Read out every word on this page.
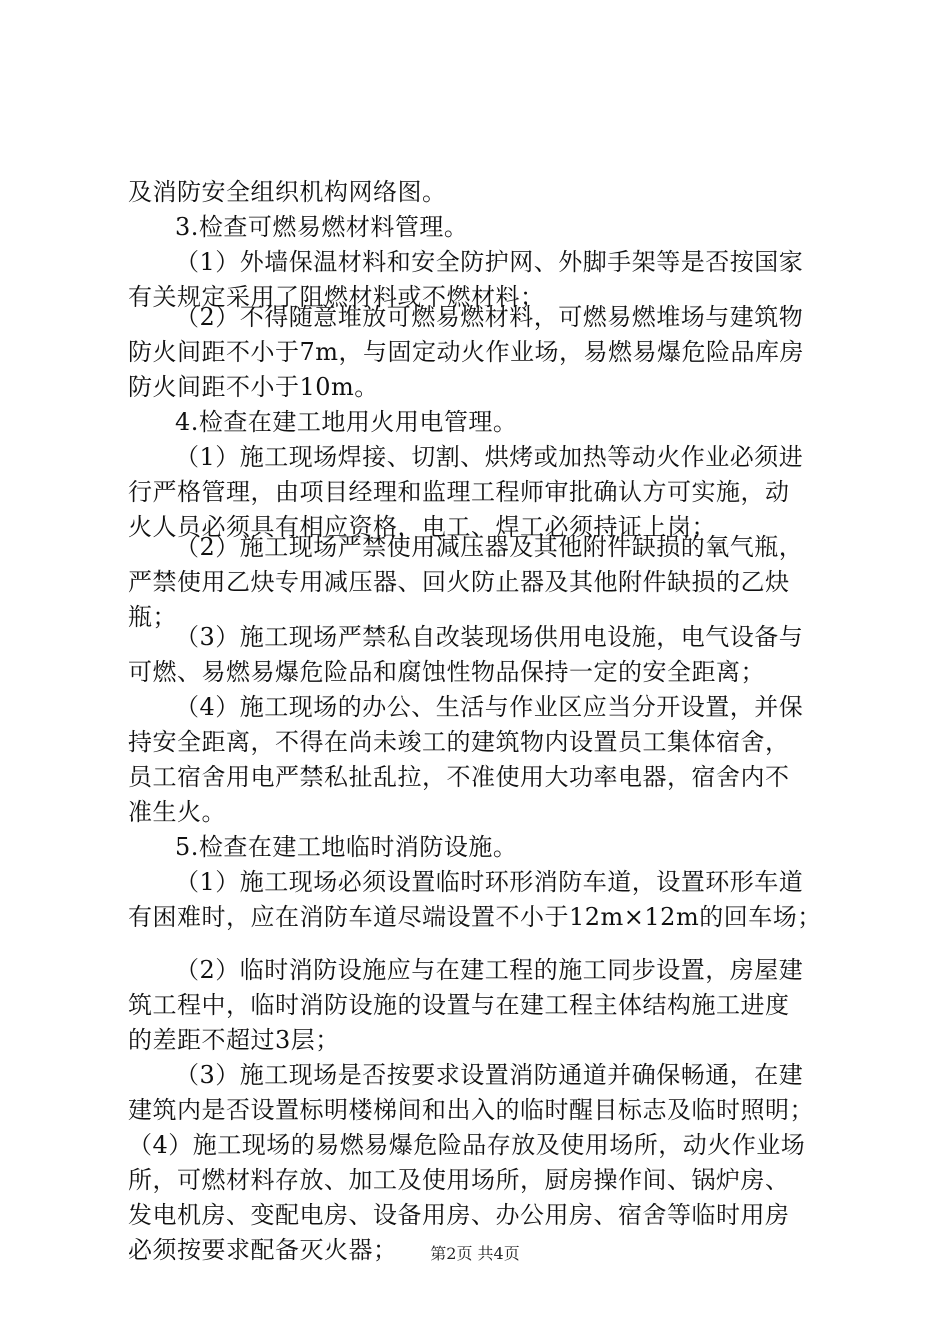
及消防安全组织机构网络图。
3.检查可燃易燃材料管理。
（1）外墙保温材料和安全防护网、外脚手架等是否按国家
有关规定采用了阻燃材料或不燃材料；
（2）不得随意堆放可燃易燃材料，可燃易燃堆场与建筑物
防火间距不小于7m，与固定动火作业场，易燃易爆危险品库房
防火间距不小于10m。
4.检查在建工地用火用电管理。
（1）施工现场焊接、切割、烘烤或加热等动火作业必须进
行严格管理，由项目经理和监理工程师审批确认方可实施，动
火人员必须具有相应资格，电工、焊工必须持证上岗；
（2）施工现场严禁使用减压器及其他附件缺损的氧气瓶，
严禁使用乙炔专用减压器、回火防止器及其他附件缺损的乙炔
瓶；
（3）施工现场严禁私自改装现场供用电设施，电气设备与
可燃、易燃易爆危险品和腐蚀性物品保持一定的安全距离；
（4）施工现场的办公、生活与作业区应当分开设置，并保
持安全距离，不得在尚未竣工的建筑物内设置员工集体宿舍，
员工宿舍用电严禁私扯乱拉，不准使用大功率电器，宿舍内不
准生火。
5.检查在建工地临时消防设施。
（1）施工现场必须设置临时环形消防车道，设置环形车道
有困难时，应在消防车道尽端设置不小于12m×12m的回车场；
（2）临时消防设施应与在建工程的施工同步设置，房屋建
筑工程中，临时消防设施的设置与在建工程主体结构施工进度
的差距不超过3层；
（3）施工现场是否按要求设置消防通道并确保畅通，在建
建筑内是否设置标明楼梯间和出入的临时醒目标志及临时照明；
（4）施工现场的易燃易爆危险品存放及使用场所，动火作业场
所，可燃材料存放、加工及使用场所，厨房操作间、锅炉房、
发电机房、变配电房、设备用房、办公用房、宿舍等临时用房
必须按要求配备灭火器；	第2页 共4页
